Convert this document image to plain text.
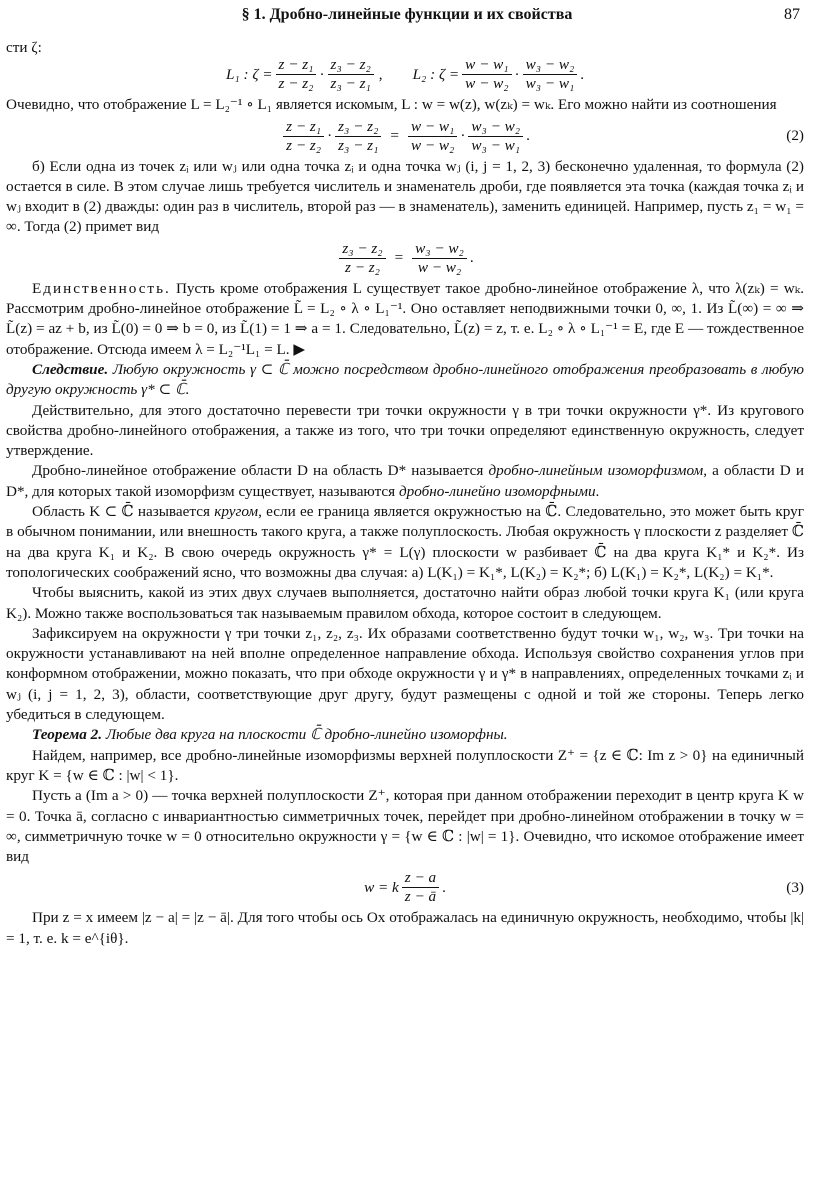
§ 1. Дробно-линейные функции и их свойства	87

сти ζ:

L₁ : $\zeta = \frac{\text{z − z₁}}{\text{z − z₂}} \cdot \frac{\text{z₃ − z₂}}{\text{z₃ − z₁}}$ , L₂ : $\zeta = \frac{\text{w − w₁}}{\text{w − w₂}} \cdot \frac{\text{w₃ − w₂}}{\text{w₃ − w₁}}$ .

Очевидно, что отображение L = L₂⁻¹ ∘ L₁ является искомым, L : w = w(z), w(zₖ) = wₖ. Его можно найти из соотношения

$\frac{\text{z − z₁}}{\text{z − z₂}} \cdot \frac{\text{z₃ − z₂}}{\text{z₃ − z₁}} = \frac{\text{w − w₁}}{\text{w − w₂}} \cdot \frac{\text{w₃ − w₂}}{\text{w₃ − w₁}}$ .	(2)

б) Если одна из точек zᵢ или wⱼ или одна точка zᵢ и одна точка wⱼ (i, j = 1, 2, 3) бесконечно удаленная, то формула (2) остается в силе. В этом случае лишь требуется числитель и знаменатель дроби, где появляется эта точка (каждая точка zᵢ и wⱼ входит в (2) дважды: один раз в числитель, второй раз — в знаменатель), заменить единицей. Например, пусть z₁ = w₁ = ∞. Тогда (2) примет вид

$\frac{\text{z₃ − z₂}}{\text{z − z₂}} = \frac{\text{w₃ − w₂}}{\text{w − w₂}}$ .

Единственность. Пусть кроме отображения L существует такое дробно-линейное отображение λ, что λ(zₖ) = wₖ. Рассмотрим дробно-линейное отображение L̃ = L₂ ∘ λ ∘ L₁⁻¹. Оно оставляет неподвижными точки 0, ∞, 1. Из L̃(∞) = ∞ ⇒ L̃(z) = az + b, из L̃(0) = 0 ⇒ b = 0, из L̃(1) = 1 ⇒ a = 1. Следовательно, L̃(z) = z, т. е. L₂ ∘ λ ∘ L₁⁻¹ = E, где E — тождественное отображение. Отсюда имеем λ = L₂⁻¹L₁ = L. ▶

Следствие. Любую окружность γ ⊂ ℂ̄ можно посредством дробно-линейного отображения преобразовать в любую другую окружность γ* ⊂ ℂ̄.

Действительно, для этого достаточно перевести три точки окружности γ в три точки окружности γ*. Из кругового свойства дробно-линейного отображения, а также из того, что три точки определяют единственную окружность, следует утверждение.

Дробно-линейное отображение области D на область D* называется дробно-линейным изоморфизмом, а области D и D*, для которых такой изоморфизм существует, называются дробно-линейно изоморфными.

Область K ⊂ ℂ̄ называется кругом, если ее граница является окружностью на ℂ̄. Следовательно, это может быть круг в обычном понимании, или внешность такого круга, а также полуплоскость. Любая окружность γ плоскости z разделяет ℂ̄ на два круга K₁ и K₂. В свою очередь окружность γ* = L(γ) плоскости w разбивает ℂ̄ на два круга K₁* и K₂*. Из топологических соображений ясно, что возможны два случая: а) L(K₁) = K₁*, L(K₂) = K₂*; б) L(K₁) = K₂*, L(K₂) = K₁*.

Чтобы выяснить, какой из этих двух случаев выполняется, достаточно найти образ любой точки круга K₁ (или круга K₂). Можно также воспользоваться так называемым правилом обхода, которое состоит в следующем.

Зафиксируем на окружности γ три точки z₁, z₂, z₃. Их образами соответственно будут точки w₁, w₂, w₃. Три точки на окружности устанавливают на ней вполне определенное направление обхода. Используя свойство сохранения углов при конформном отображении, можно показать, что при обходе окружности γ и γ* в направлениях, определенных точками zᵢ и wⱼ (i, j = 1, 2, 3), области, соответствующие друг другу, будут размещены с одной и той же стороны. Теперь легко убедиться в следующем.

Теорема 2. Любые два круга на плоскости ℂ̄ дробно-линейно изоморфны.

Найдем, например, все дробно-линейные изоморфизмы верхней полуплоскости Z⁺ = {z ∈ ℂ: Im z > 0} на единичный круг K = {w ∈ ℂ : |w| < 1}.

Пусть a (Im a > 0) — точка верхней полуплоскости Z⁺, которая при данном отображении переходит в центр круга K w = 0. Точка ā, согласно с инвариантностью симметричных точек, перейдет при дробно-линейном отображении в точку w = ∞, симметричную точке w = 0 относительно окружности γ = {w ∈ ℂ : |w| = 1}. Очевидно, что искомое отображение имеет вид

w = k $\frac{z - a}{z - ā}$ .	(3)

При z = x имеем |z − a| = |z − ā|. Для того чтобы ось Ox отображалась на единичную окружность, необходимо, чтобы |k| = 1, т. е. k = e^{iθ}.
